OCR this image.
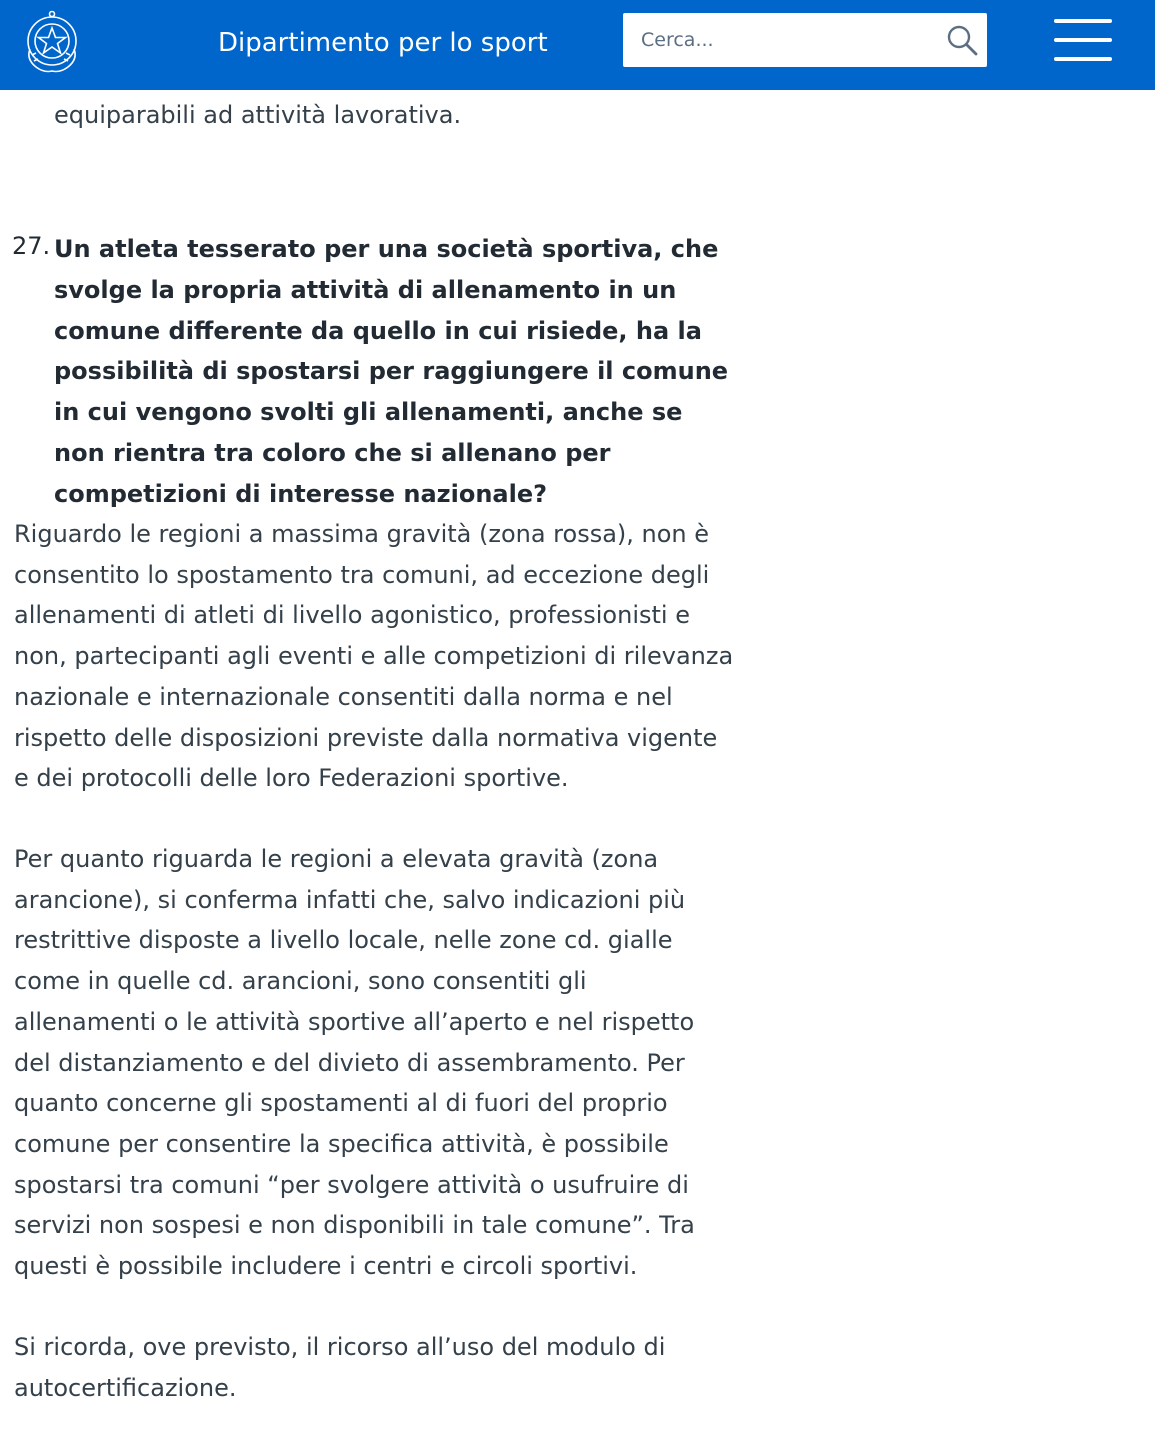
Dipartimento per lo sport
Cerca...
equiparabili ad attività lavorativa.
27. Un atleta tesserato per una società sportiva, che svolge la propria attività di allenamento in un comune differente da quello in cui risiede, ha la possibilità di spostarsi per raggiungere il comune in cui vengono svolti gli allenamenti, anche se non rientra tra coloro che si allenano per competizioni di interesse nazionale?

Riguardo le regioni a massima gravità (zona rossa), non è consentito lo spostamento tra comuni, ad eccezione degli allenamenti di atleti di livello agonistico, professionisti e non, partecipanti agli eventi e alle competizioni di rilevanza nazionale e internazionale consentiti dalla norma e nel rispetto delle disposizioni previste dalla normativa vigente e dei protocolli delle loro Federazioni sportive.

Per quanto riguarda le regioni a elevata gravità (zona arancione), si conferma infatti che, salvo indicazioni più restrittive disposte a livello locale, nelle zone cd. gialle come in quelle cd. arancioni, sono consentiti gli allenamenti o le attività sportive all’aperto e nel rispetto del distanziamento e del divieto di assembramento. Per quanto concerne gli spostamenti al di fuori del proprio comune per consentire la specifica attività, è possibile spostarsi tra comuni “per svolgere attività o usufruire di servizi non sospesi e non disponibili in tale comune”. Tra questi è possibile includere i centri e circoli sportivi.

Si ricorda, ove previsto, il ricorso all’uso del modulo di autocertificazione.
